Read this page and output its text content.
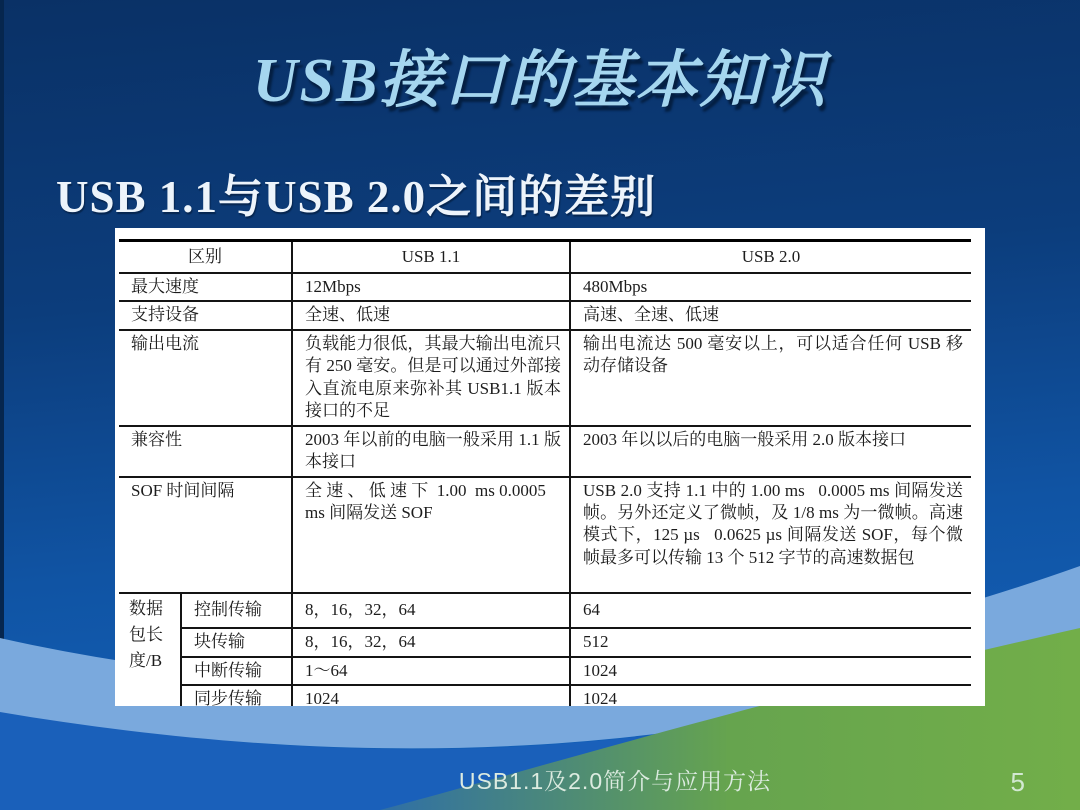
USB接口的基本知识
USB 1.1与USB 2.0之间的差别
区别		USB 1.1	USB 2.0
最大速度		12Mbps	480Mbps
支持设备		全速、低速	高速、全速、低速
输出电流		负载能力很低，其最大输出电流只有 250 毫安。但是可以通过外部接入直流电原来弥补其 USB1.1 版本接口的不足	输出电流达 500 毫安以上，可以适合任何 USB 移动存储设备
兼容性		2003 年以前的电脑一般采用 1.1 版本接口	2003 年以以后的电脑一般采用 2.0 版本接口
SOF 时间间隔		全 速 、 低 速 下  1.00  ms 0.0005 ms 间隔发送 SOF	USB 2.0 支持 1.1 中的 1.00 ms   0.0005 ms 间隔发送帧。另外还定义了微帧，及 1/8 ms 为一微帧。高速模式下，125 µs   0.0625 µs 间隔发送 SOF，每个微帧最多可以传输 13 个 512 字节的高速数据包
数据包长度/B	控制传输	8，16，32，64	64
	块传输	8，16，32，64	512
	中断传输	1～64	1024
	同步传输	1024	1024
USB1.1及2.0简介与应用方法	5
